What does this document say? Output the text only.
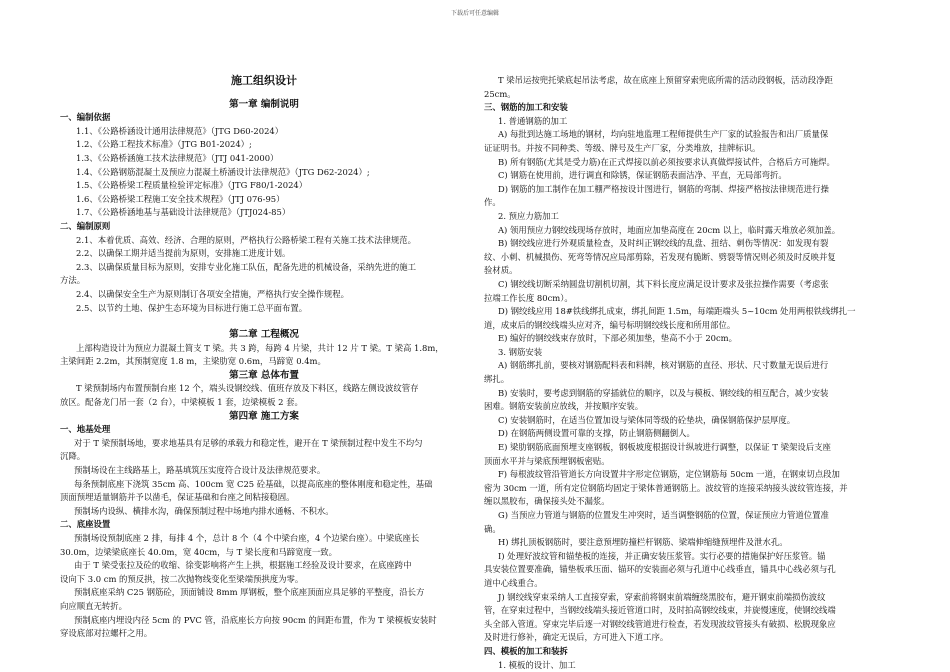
下载后可任意编辑
施工组织设计
第一章 编制说明
一、编制依据
1.1、《公路桥涵设计通用法律规范》（JTG D60-2024）
1.2、《公路工程技术标准》（JTG B01-2024）;
1.3、《公路桥涵施工技术法律规范》（JTJ 041-2000）
1.4、《公路钢筋混凝土及预应力混凝土桥涵设计法律规范》（JTG D62-2024）;
1.5、《公路桥梁工程质量检验评定标准》（JTG F80/1-2024）
1.6、《公路桥梁工程施工安全技术规程》（JTJ 076-95）
1.7、《公路桥涵地基与基础设计法律规范》（JTJ024-85）
二、编制原则
2.1、本着优质、高效、经济、合理的原则，严格执行公路桥梁工程有关施工技术法律规范。
2.2、以确保工期并适当提前为原则，安排施工进度计划。
2.3、以确保质量目标为原则，安排专业化施工队伍，配备先进的机械设备，采纳先进的施工
方法。
2.4、以确保安全生产为原则制订各项安全措施，严格执行安全操作规程。
2.5、以节约土地、保护生态环境为目标进行施工总平面布置。
第二章 工程概况
上部构造设计为预应力混凝土简支 T 梁。共 3 跨，每跨 4 片梁，共计 12 片 T 梁。T 梁高 1.8m，
主梁间距 2.2m，其预制宽度 1.8 m，主梁肋宽 0.6m，马蹄宽 0.4m。
第三章 总体布置
T 梁预制场内布置预制台座 12 个，端头设钢绞线、值班存放及下料区，线路左侧设波纹管存
放区。配备龙门吊一套（2 台），中梁模板 1 套，边梁模板 2 套。
第四章 施工方案
一、地基处理
对于 T 梁预制场地，要求地基具有足够的承载力和稳定性，避开在 T 梁预制过程中发生不均匀
沉降。
预制场设在主线路基上，路基填筑压实度符合设计及法律规范要求。
每条预制底座下浇筑 35cm 高、100cm 宽 C25 砼基础，以提高底座的整体刚度和稳定性，基础
顶面预埋适量钢筋并予以凿毛，保证基础和台座之间粘接稳固。
预制场内设纵、横排水沟，确保预制过程中场地内排水通畅、不积水。
二、底座设置
预制场设预制底座 2 排，每排 4 个，总计 8 个（4 个中梁台座，4 个边梁台座）。中梁底座长
30.0m，边梁梁底座长 40.0m，宽 40cm，与 T 梁长度和马蹄宽度一致。
由于 T 梁受张拉及砼的收缩、徐变影响将产生上拱，根据施工经验及设计要求，在底座跨中
设向下 3.0 cm 的预反拱，按二次抛物线变化至梁端预拱度为零。
预制底座采纳 C25 钢筋砼，顶面铺设 8mm 厚钢板，整个底座顶面应具足够的平整度，沿长方
向应顺直无转折。
预制底座内埋设内径 5cm 的 PVC 管，沿底座长方向按 90cm 的间距布置，作为 T 梁模板安装时
穿设底部对拉螺杆之用。
T 梁吊运按兜托梁底起吊法考虑，故在底座上预留穿索兜底所需的活动段钢板，活动段净距
25cm。
三、钢筋的加工和安装
1. 普通钢筋的加工
A) 每批到达施工场地的钢材，均向驻地监理工程师提供生产厂家的试验报告和出厂质量保
证证明书。并按不同种类、等级、牌号及生产厂家，分类堆放，挂牌标识。
B) 所有钢筋(尤其是受力筋)在正式焊接以前必须按要求认真做焊接试件，合格后方可施焊。
C) 钢筋在使用前，进行调直和除锈，保证钢筋表面洁净、平直，无局部弯折。
D) 钢筋的加工制作在加工棚严格按设计图进行，钢筋的弯制、焊接严格按法律规范进行操
作。
2. 预应力筋加工
A) 领用预应力钢绞线现场存放时，地面应加垫高度在 20cm 以上，临时露天堆放必须加盖。
B) 钢绞线应进行外观质量检查，及时纠正钢绞线的乱盘、扭结、刺伤等情况：如发现有裂
纹、小刺、机械损伤、死弯等情况应局部剪除，若发现有脆断、劈裂等情况则必须及时反映并复
验材质。
C) 钢绞线切断采纳圆盘切割机切割，其下料长度应满足设计要求及张拉操作需要（考虑张
拉端工作长度 80cm）。
D) 钢绞线应用 18#铁线绑扎成束，绑扎间距 1.5m，每端距端头 5~10cm 处用两根铁线绑扎一
道，成束后的钢绞线端头应对齐，编号标明钢绞线长度和所用部位。
E) 编好的钢绞线束存放时，下部必须加垫，垫高不小于 20cm。
3. 钢筋安装
A) 钢筋绑扎前，要核对钢筋配料表和料牌，核对钢筋的直径、形状、尺寸数量无误后进行
绑扎。
B) 安装时，要考虑到钢筋的穿插就位的顺序，以及与模板、钢绞线的相互配合，减少安装
困难。钢筋安装前应放线，并按顺序安装。
C) 安装钢筋时，在适当位置加设与梁体同等级的砼垫块，确保钢筋保护层厚度。
D) 在钢筋两侧设置可靠的支撑，防止钢筋侧翻倒人。
E) 梁肋钢筋底面预埋支座钢板，钢板坡度根据设计纵坡进行调整，以保证 T 梁架设后支座
顶面水平并与梁底预埋钢板密贴。
F) 每根波纹管沿管道长方向设置井字形定位钢筋，定位钢筋每 50cm 一道，在钢束切点段加
密为 30cm 一道，所有定位钢筋均固定于梁体普通钢筋上。波纹管的连接采纳接头波纹管连接，并
缠以黑胶布，确保接头处不漏浆。
G) 当预应力管道与钢筋的位置发生冲突时，适当调整钢筋的位置，保证预应力管道位置准
确。
H) 绑扎顶板钢筋时，要注意预埋防撞栏杆钢筋、梁端伸缩缝预埋件及泄水孔。
I) 处理好波纹管和锚垫板的连接，并正确安装压浆管。实行必要的措施保护好压浆管。锚
具安装位置要准确，锚垫板承压面、锚环的安装面必须与孔道中心线垂直，锚具中心线必须与孔
道中心线重合。
J) 钢绞线穿束采纳人工直接穿索，穿索前将钢束前端缠绕黑胶布，避开钢束前端损伤波纹
管，在穿束过程中，当钢绞线端头接近管道口时，及时拍高钢绞线束，并旋慢速度，使钢绞线端
头全部入管道。穿束完毕后逐一对钢绞线管道进行检查，若发现波纹管接头有破损、松脱现象应
及时进行修补，确定无误后，方可进入下道工序。
四、模板的加工和装拆
1. 模板的设计、加工
